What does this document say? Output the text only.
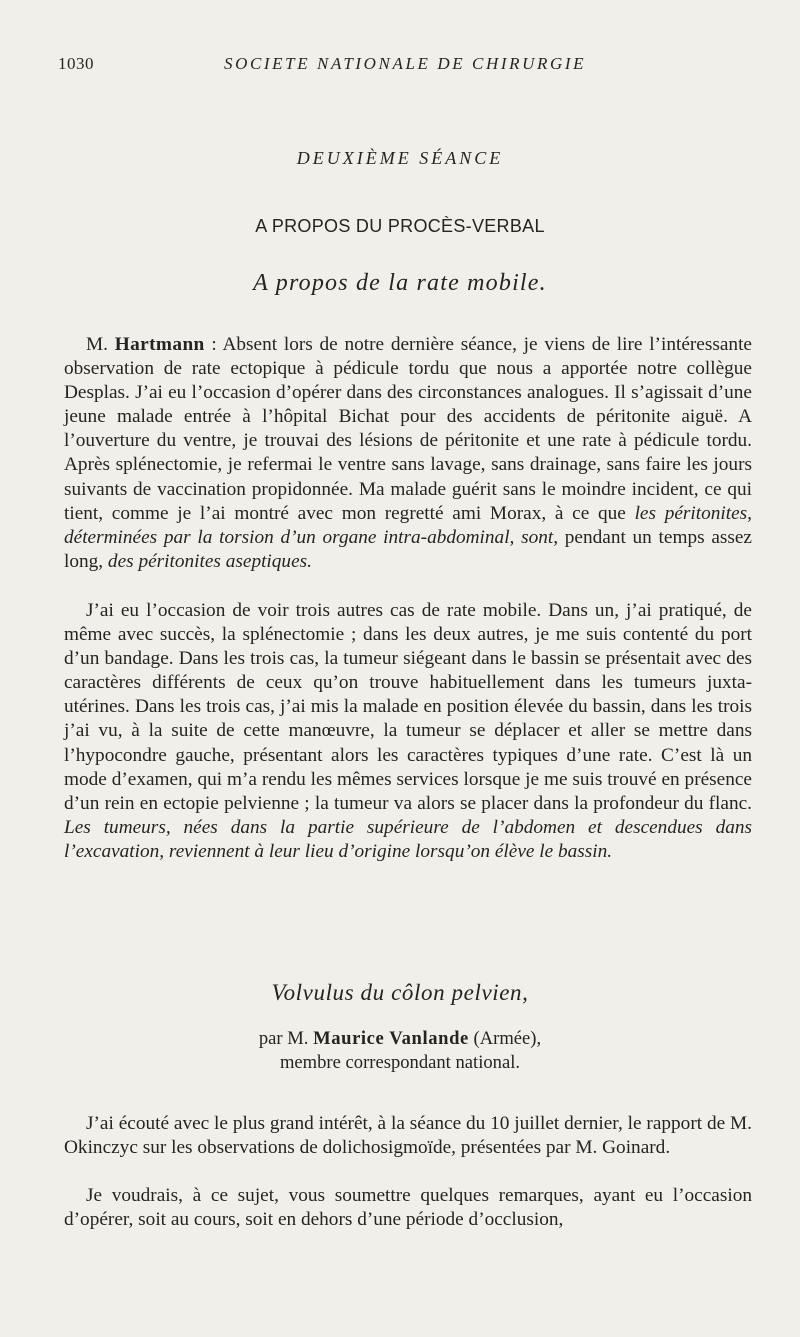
1030	SOCIETE NATIONALE DE CHIRURGIE
DEUXIÈME SÉANCE
A PROPOS DU PROCÈS-VERBAL
A propos de la rate mobile.

M. Hartmann : Absent lors de notre dernière séance, je viens de lire l’intéressante observation de rate ectopique à pédicule tordu que nous a apportée notre collègue Desplas. J’ai eu l’occasion d’opérer dans des circonstances analogues. Il s’agissait d’une jeune malade entrée à l’hôpital Bichat pour des accidents de péritonite aiguë. A l’ouverture du ventre, je trouvai des lésions de péritonite et une rate à pédicule tordu. Après splénectomie, je refermai le ventre sans lavage, sans drainage, sans faire les jours suivants de vaccination propidonnée. Ma malade guérit sans le moindre incident, ce qui tient, comme je l’ai montré avec mon regretté ami Morax, à ce que les péritonites, déterminées par la torsion d’un organe intra-abdominal, sont, pendant un temps assez long, des péritonites aseptiques.

J’ai eu l’occasion de voir trois autres cas de rate mobile. Dans un, j’ai pratiqué, de même avec succès, la splénectomie ; dans les deux autres, je me suis contenté du port d’un bandage. Dans les trois cas, la tumeur siégeant dans le bassin se présentait avec des caractères différents de ceux qu’on trouve habituellement dans les tumeurs juxta-utérines. Dans les trois cas, j’ai mis la malade en position élevée du bassin, dans les trois j’ai vu, à la suite de cette manœuvre, la tumeur se déplacer et aller se mettre dans l’hypocondre gauche, présentant alors les caractères typiques d’une rate. C’est là un mode d’examen, qui m’a rendu les mêmes services lorsque je me suis trouvé en présence d’un rein en ectopie pelvienne ; la tumeur va alors se placer dans la profondeur du flanc. Les tumeurs, nées dans la partie supérieure de l’abdomen et descendues dans l’excavation, reviennent à leur lieu d’origine lorsqu’on élève le bassin.

Volvulus du côlon pelvien,
par M. Maurice Vanlande (Armée),
membre correspondant national.

J’ai écouté avec le plus grand intérêt, à la séance du 10 juillet dernier, le rapport de M. Okinczyc sur les observations de dolichosigmoïde, présentées par M. Goinard.

Je voudrais, à ce sujet, vous soumettre quelques remarques, ayant eu l’occasion d’opérer, soit au cours, soit en dehors d’une période d’occlusion,
